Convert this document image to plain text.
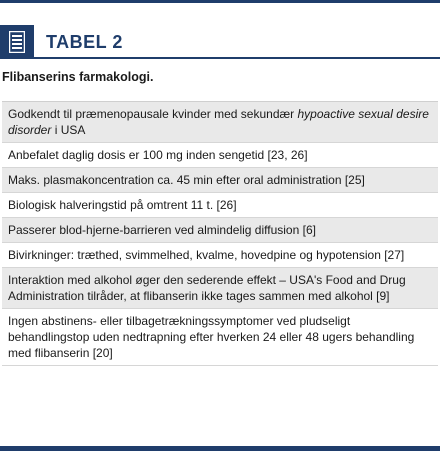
TABEL 2
Flibanserins farmakologi.
Godkendt til præmenopausale kvinder med sekundær hypoactive sexual desire disorder i USA
Anbefalet daglig dosis er 100 mg inden sengetid [23, 26]
Maks. plasmakoncentration ca. 45 min efter oral administration [25]
Biologisk halveringstid på omtrent 11 t. [26]
Passerer blod-hjerne-barrieren ved almindelig diffusion [6]
Bivirkninger: træthed, svimmelhed, kvalme, hovedpine og hypotension [27]
Interaktion med alkohol øger den sederende effekt – USA's Food and Drug Administration tilråder, at flibanserin ikke tages sammen med alkohol [9]
Ingen abstinens- eller tilbagetrækningssymptomer ved pludseligt behandlingstop uden nedtrapning efter hverken 24 eller 48 ugers behandling med flibanserin [20]
